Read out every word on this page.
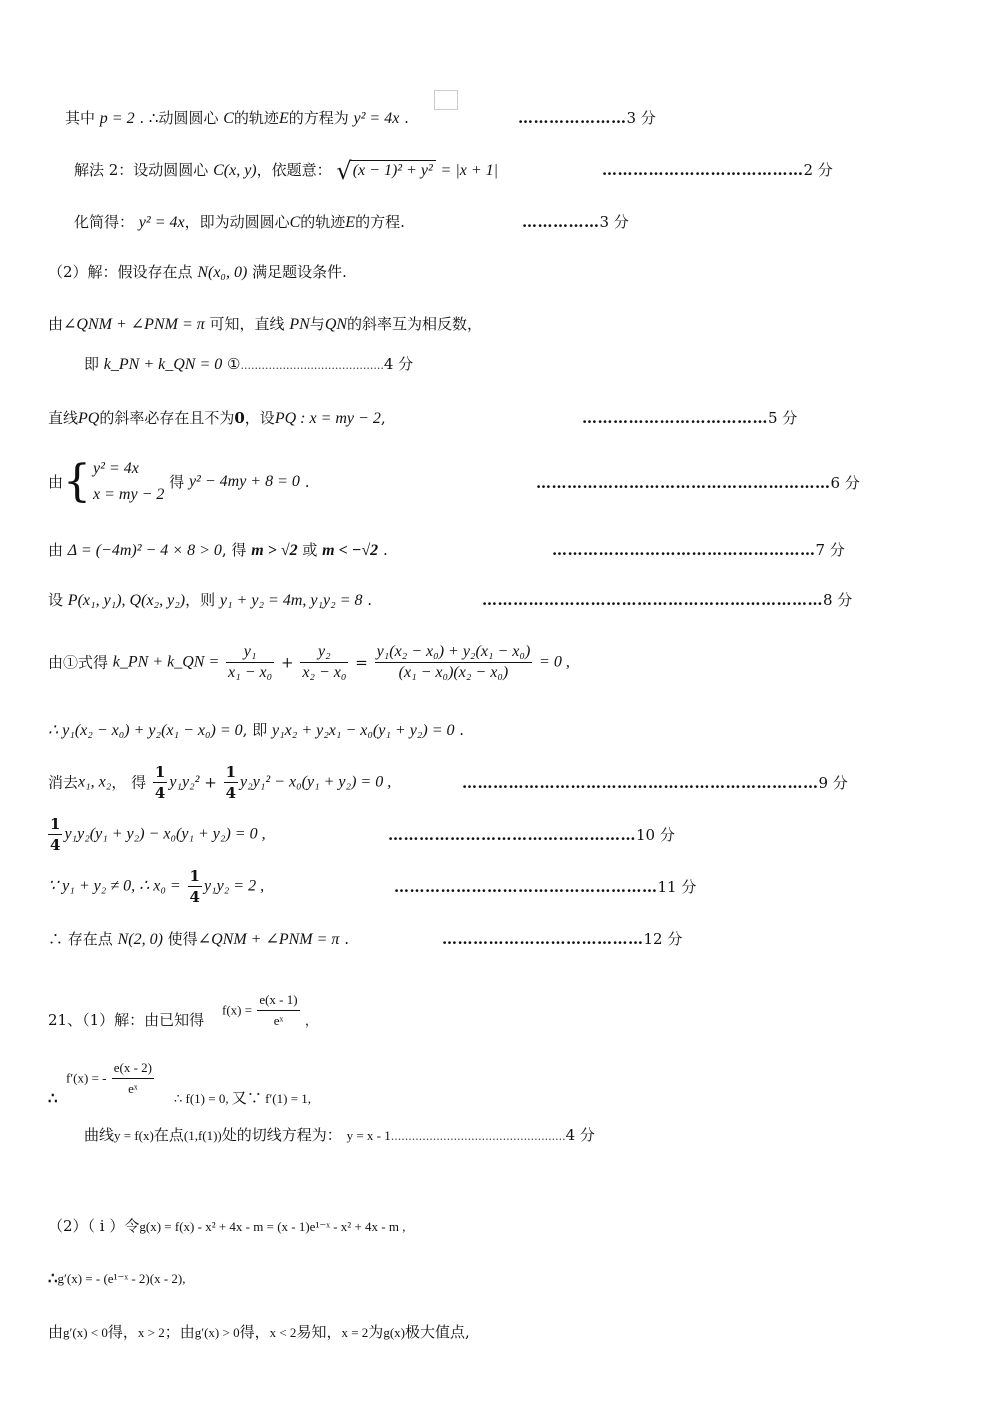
其中 p = 2 . ∴动圆圆心 C的轨迹E的方程为 y² = 4x .	…………………3 分
解法 2：设动圆圆心 C(x, y)，依题意： √(x − 1)² + y² = |x + 1|	…………………………………2 分
化简得： y² = 4x，即为动圆圆心C的轨迹E的方程.	……………3 分
（2）解：假设存在点 N(x₀, 0) 满足题设条件.
由∠QNM + ∠PNM = π 可知，直线 PN与QN的斜率互为相反数，
即 k_PN + k_QN = 0 ①.........................................4 分
直线PQ的斜率必存在且不为0，设PQ : x = my − 2,	………………………………5 分
由{ y² = 4x
x = my − 2
得 y² − 4my + 8 = 0 .	…………………………………………………6 分
由 Δ = (−4m)² − 4 × 8 > 0, 得 m > √2 或 m < −√2 .	……………………………………………7 分
设 P(x₁, y₁), Q(x₂, y₂)，则 y₁ + y₂ = 4m, y₁y₂ = 8 .	…………………………………………………………8 分
由①式得 k_PN + k_QN = $\frac{\text{y₁}}{\text{x₁ − x₀}} + \frac{\text{y₂}}{\text{x₂ − x₀}} = \frac{\text{y₁(x₂ − x₀) + y₂(x₁ − x₀)}}{\text{(x₁ − x₀)(x₂ − x₀)}} = 0$ ,
∴ y₁(x₂ − x₀) + y₂(x₁ − x₀) = 0, 即 y₁x₂ + y₂x₁ − x₀(y₁ + y₂) = 0 .
消去x₁, x₂， 得 $\frac{1}{4} y_1y_2^2 + \frac{1}{4} y_2y_1^2 - x_0(y_1 + y_2) = 0$ ,	……………………………………………………………9 分
$\frac{1}{4} y_1y_2(y_1 + y_2) - x_0(y_1 + y_2) = 0$ ,	…………………………………………10 分
∵ y₁ + y₂ ≠ 0, ∴ $x_0 = \frac{1}{4} y_1y_2 = 2$ ,	……………………………………………11 分
∴ 存在点 N(2, 0) 使得∠QNM + ∠PNM = π .	…………………………………12 分
21、（1）解：由已知得
$f(x) = \frac{e(x - 1)}{\text{eˣ}}$ ，
∴
f′(x) = - $\frac{e(x - 2)}{\text{eˣ}}$ ∴ f(1) = 0, 又∵ f′(1) = 1,
曲线y = f(x)在点(1,f(1))处的切线方程为： y = x - 1..................................................4 分
（2）（ i ）令g(x) = f(x) - x² + 4x - m = (x - 1)e¹⁻ˣ - x² + 4x - m ,
∴g′(x) = - (e¹⁻ˣ - 2)(x - 2),
由g′(x) < 0得，x > 2；由g′(x) > 0得，x < 2易知，x = 2为g(x)极大值点,
